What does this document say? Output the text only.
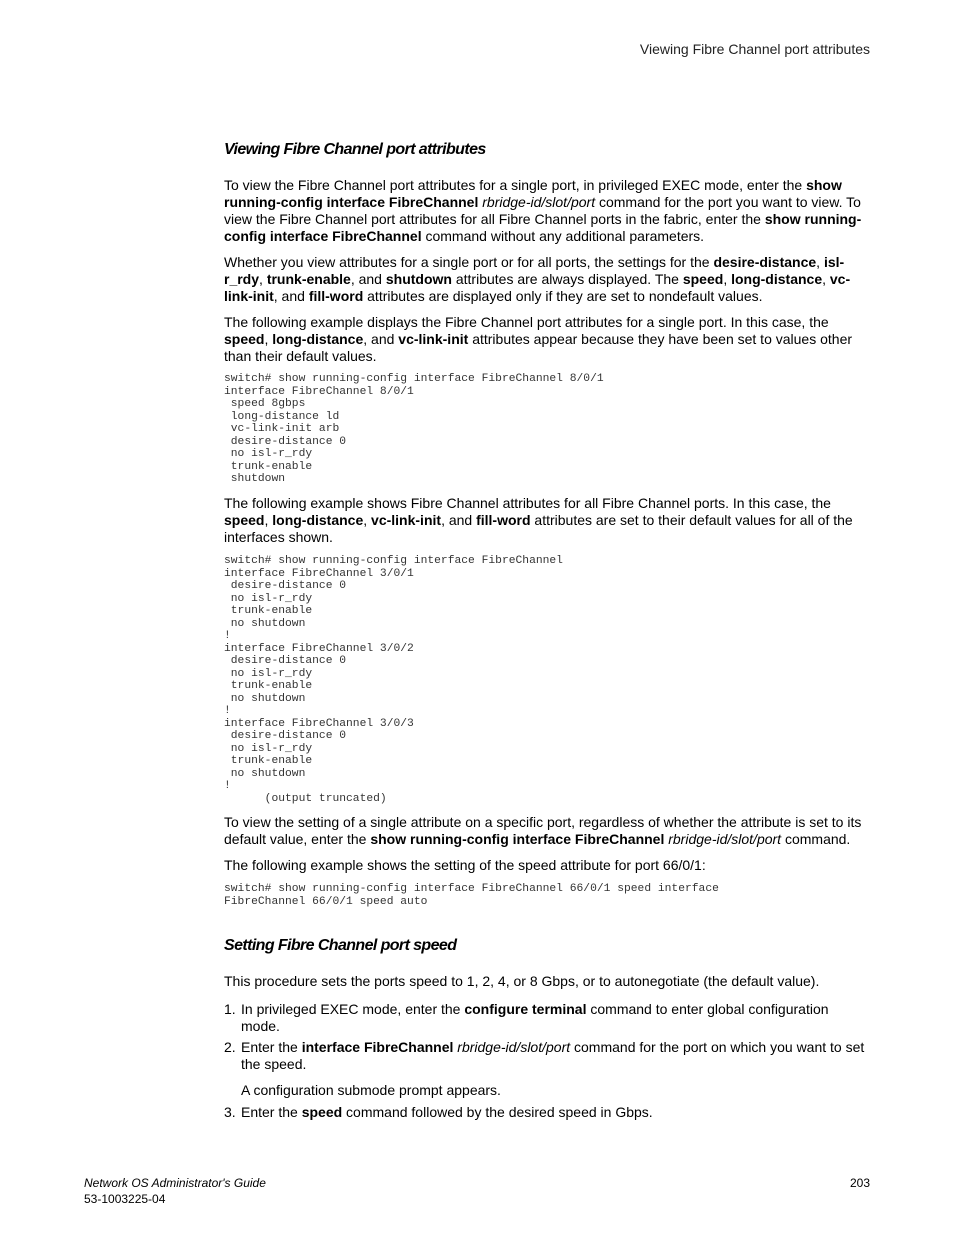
Viewing Fibre Channel port attributes
Viewing Fibre Channel port attributes

To view the Fibre Channel port attributes for a single port, in privileged EXEC mode, enter the show running-config interface FibreChannel rbridge-id/slot/port command for the port you want to view. To view the Fibre Channel port attributes for all Fibre Channel ports in the fabric, enter the show running-config interface FibreChannel command without any additional parameters.

Whether you view attributes for a single port or for all ports, the settings for the desire-distance, isl-r_rdy, trunk-enable, and shutdown attributes are always displayed. The speed, long-distance, vc-link-init, and fill-word attributes are displayed only if they are set to nondefault values.

The following example displays the Fibre Channel port attributes for a single port. In this case, the speed, long-distance, and vc-link-init attributes appear because they have been set to values other than their default values.

switch# show running-config interface FibreChannel 8/0/1
interface FibreChannel 8/0/1
speed 8gbps
long-distance ld
vc-link-init arb
desire-distance 0
no isl-r_rdy
trunk-enable
shutdown

The following example shows Fibre Channel attributes for all Fibre Channel ports. In this case, the speed, long-distance, vc-link-init, and fill-word attributes are set to their default values for all of the interfaces shown.

switch# show running-config interface FibreChannel
interface FibreChannel 3/0/1
desire-distance 0
no isl-r_rdy
trunk-enable
no shutdown
!
interface FibreChannel 3/0/2
desire-distance 0
no isl-r_rdy
trunk-enable
no shutdown
!
interface FibreChannel 3/0/3
desire-distance 0
no isl-r_rdy
trunk-enable
no shutdown
!
(output truncated)

To view the setting of a single attribute on a specific port, regardless of whether the attribute is set to its default value, enter the show running-config interface FibreChannel rbridge-id/slot/port command.

The following example shows the setting of the speed attribute for port 66/0/1:

switch# show running-config interface FibreChannel 66/0/1 speed interface
FibreChannel 66/0/1 speed auto
Setting Fibre Channel port speed

This procedure sets the ports speed to 1, 2, 4, or 8 Gbps, or to autonegotiate (the default value).

1. In privileged EXEC mode, enter the configure terminal command to enter global configuration mode.
2. Enter the interface FibreChannel rbridge-id/slot/port command for the port on which you want to set the speed.

A configuration submode prompt appears.

3. Enter the speed command followed by the desired speed in Gbps.
Network OS Administrator's Guide
53-1003225-04
203
